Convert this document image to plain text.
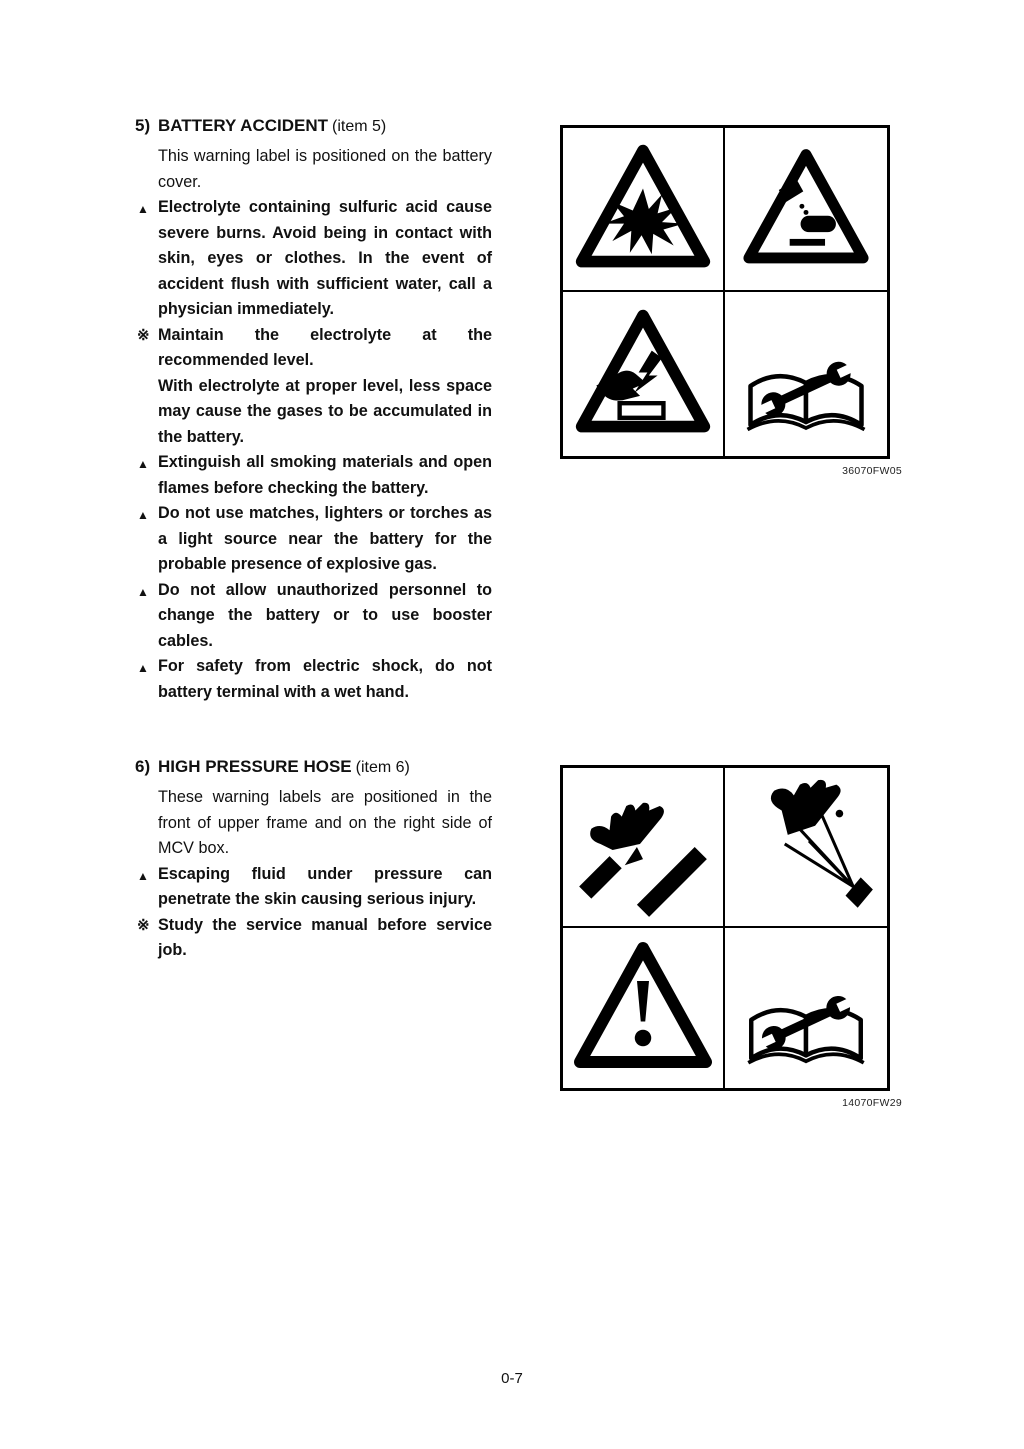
5) BATTERY ACCIDENT (item 5)

This warning label is positioned on the battery cover.

▲ Electrolyte containing sulfuric acid cause severe burns. Avoid being in contact with skin, eyes or clothes. In the event of accident flush with sufficient water, call a physician immediately.
※ Maintain the electrolyte at the recommended level.
With electrolyte at proper level, less space may cause the gases to be accumulated in the battery.
▲ Extinguish all smoking materials and open flames before checking the battery.
▲ Do not use matches, lighters or torches as a light source near the battery for the probable presence of explosive gas.
▲ Do not allow unauthorized personnel to change the battery or to use booster cables.
▲ For safety from electric shock, do not battery terminal with a wet hand.
36070FW05
6) HIGH PRESSURE HOSE (item 6)

These warning labels are positioned in the front of upper frame and on the right side of MCV box.

▲ Escaping fluid under pressure can penetrate the skin causing serious injury.
※ Study the service manual before service job.
14070FW29
0-7
